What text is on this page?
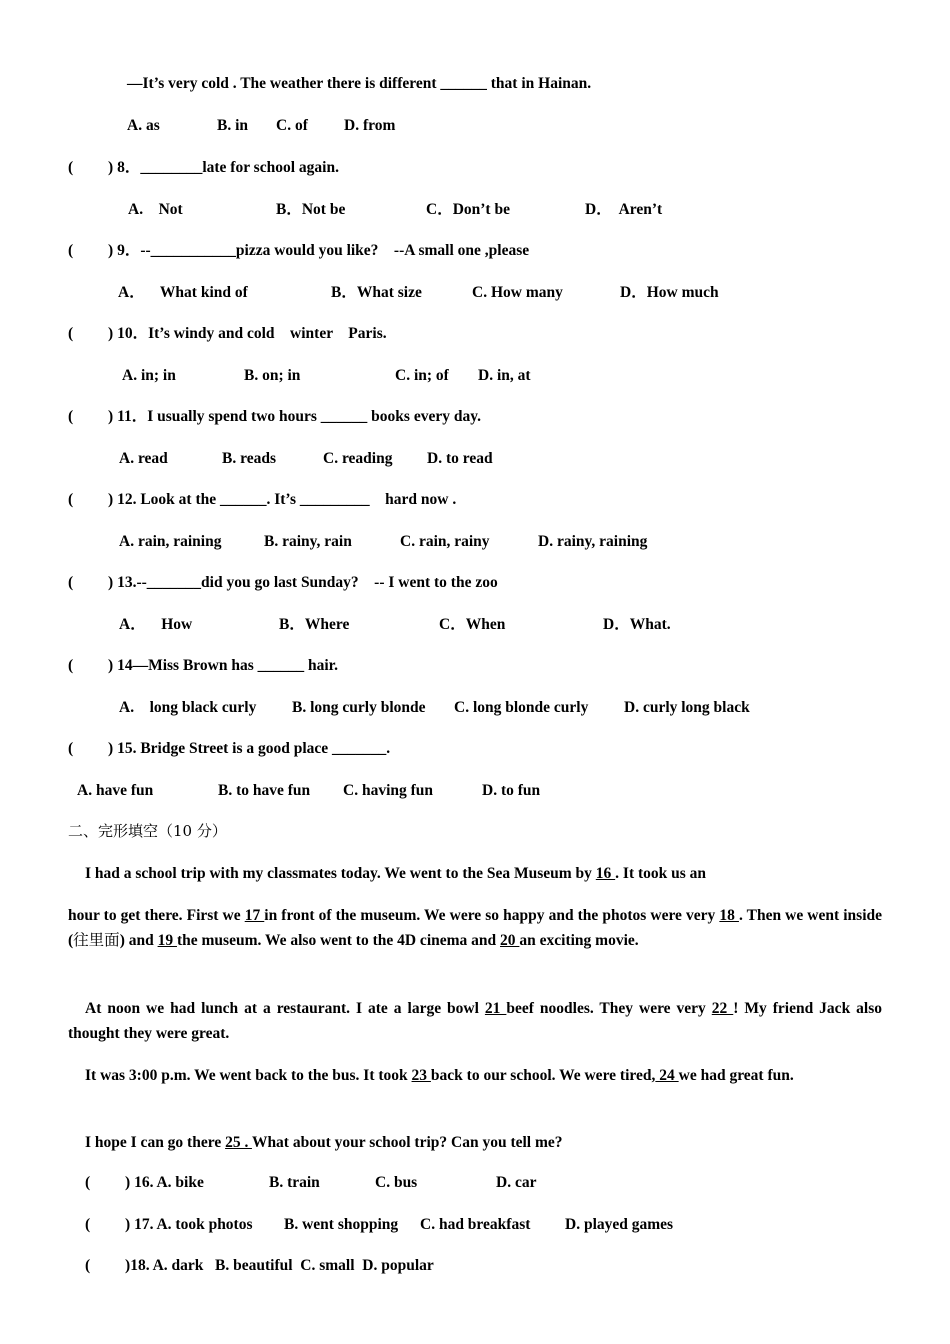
—It’s very cold . The weather there is different ______ that in Hainan.
A. as	B. in C. of D. from
(         ) 8．________late for school again.
A.    Not	B．Not be	C．Don’t be	D．  Aren’t
(         ) 9．--___________pizza would you like?    --A small one ,please
A．    What kind of	B．What size	C. How many	D．How much
(         ) 10．It’s windy and cold    winter    Paris.
A. in; in	B. on; in	C. in; of D. in, at
(         ) 11．I usually spend two hours ______ books every day.
A. read	B. reads	C. reading D. to read
(         ) 12. Look at the ______. It’s _________    hard now .
A. rain, raining	B. rainy, rain	C. rain, rainy	D. rainy, raining
(         ) 13.--_______did you go last Sunday?    -- I went to the zoo
A．    How	B．Where	C．When	D．What.
(         ) 14—Miss Brown has ______ hair.
A.    long black curly B. long curly blonde C. long blonde curly D. curly long black
(         ) 15. Bridge Street is a good place _______.
A. have fun	B. to have fun C. having fun	D. to fun
二、完形填空（10 分）
I had a school trip with my classmates today. We went to the Sea Museum by 16 . It took us an
hour to get there. First we 17 in front of the museum. We were so happy and the photos were very 18 . Then we went inside (往里面) and 19 the museum. We also went to the 4D cinema and 20 an exciting movie.
At noon we had lunch at a restaurant. I ate a large bowl 21 beef noodles. They were very 22 ! My friend Jack also thought they were great.
It was 3:00 p.m. We went back to the bus. It took 23 back to our school. We were tired, 24 we had great fun.
I hope I can go there 25 . What about your school trip? Can you tell me?
(         ) 16. A. bike	B. train	C. bus	D. car
(         ) 17. A. took photos B. went shopping C. had breakfast D. played games
(         )18. A. dark   B. beautiful  C. small  D. popular
